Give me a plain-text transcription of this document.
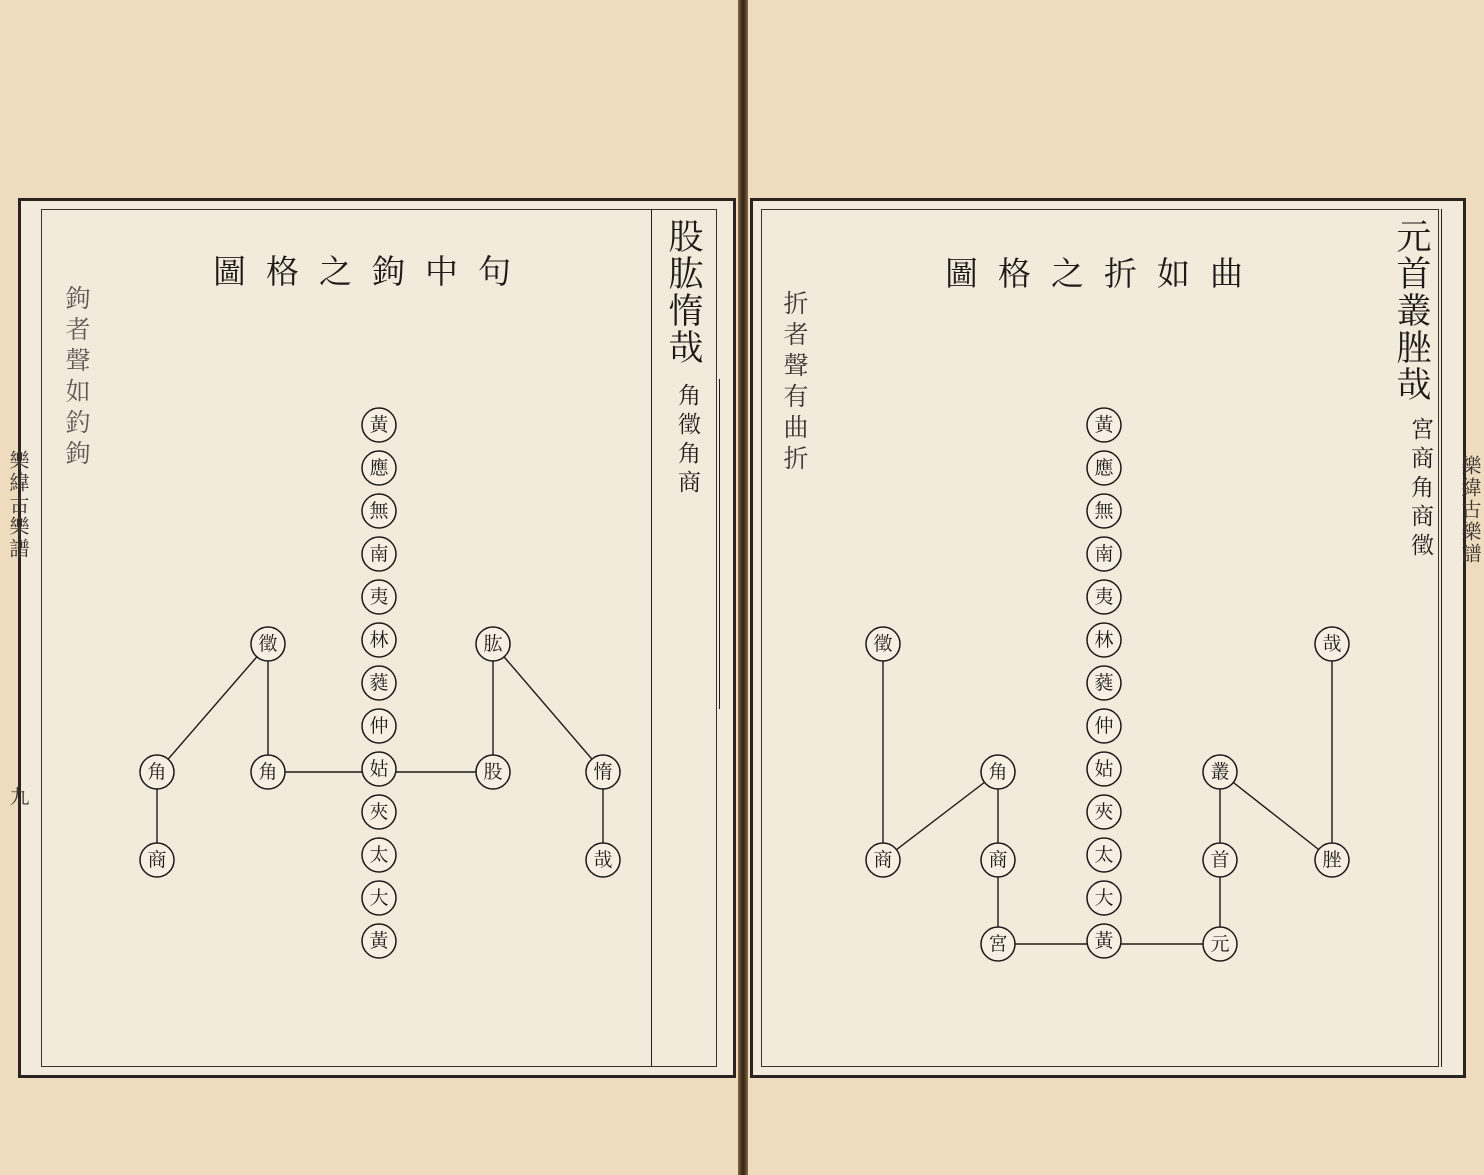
句中鉤之格圖	股肱惰哉
角徵角商
鉤者聲如釣鉤
樂緯古樂譜
九
黃
應
無
南
夷
林
蕤
仲
姑
夾
太
大
黃
徵
角
商
角
肱
股	惰
哉
曲如折之格圖	元首叢脞哉
宮商角商徵
折者聲有曲折
樂緯古樂譜
黃
應
無
南
夷
林
蕤
仲
姑
夾
太
大
黃
徵
商
角
商
宮
哉
叢
首
元
脞
